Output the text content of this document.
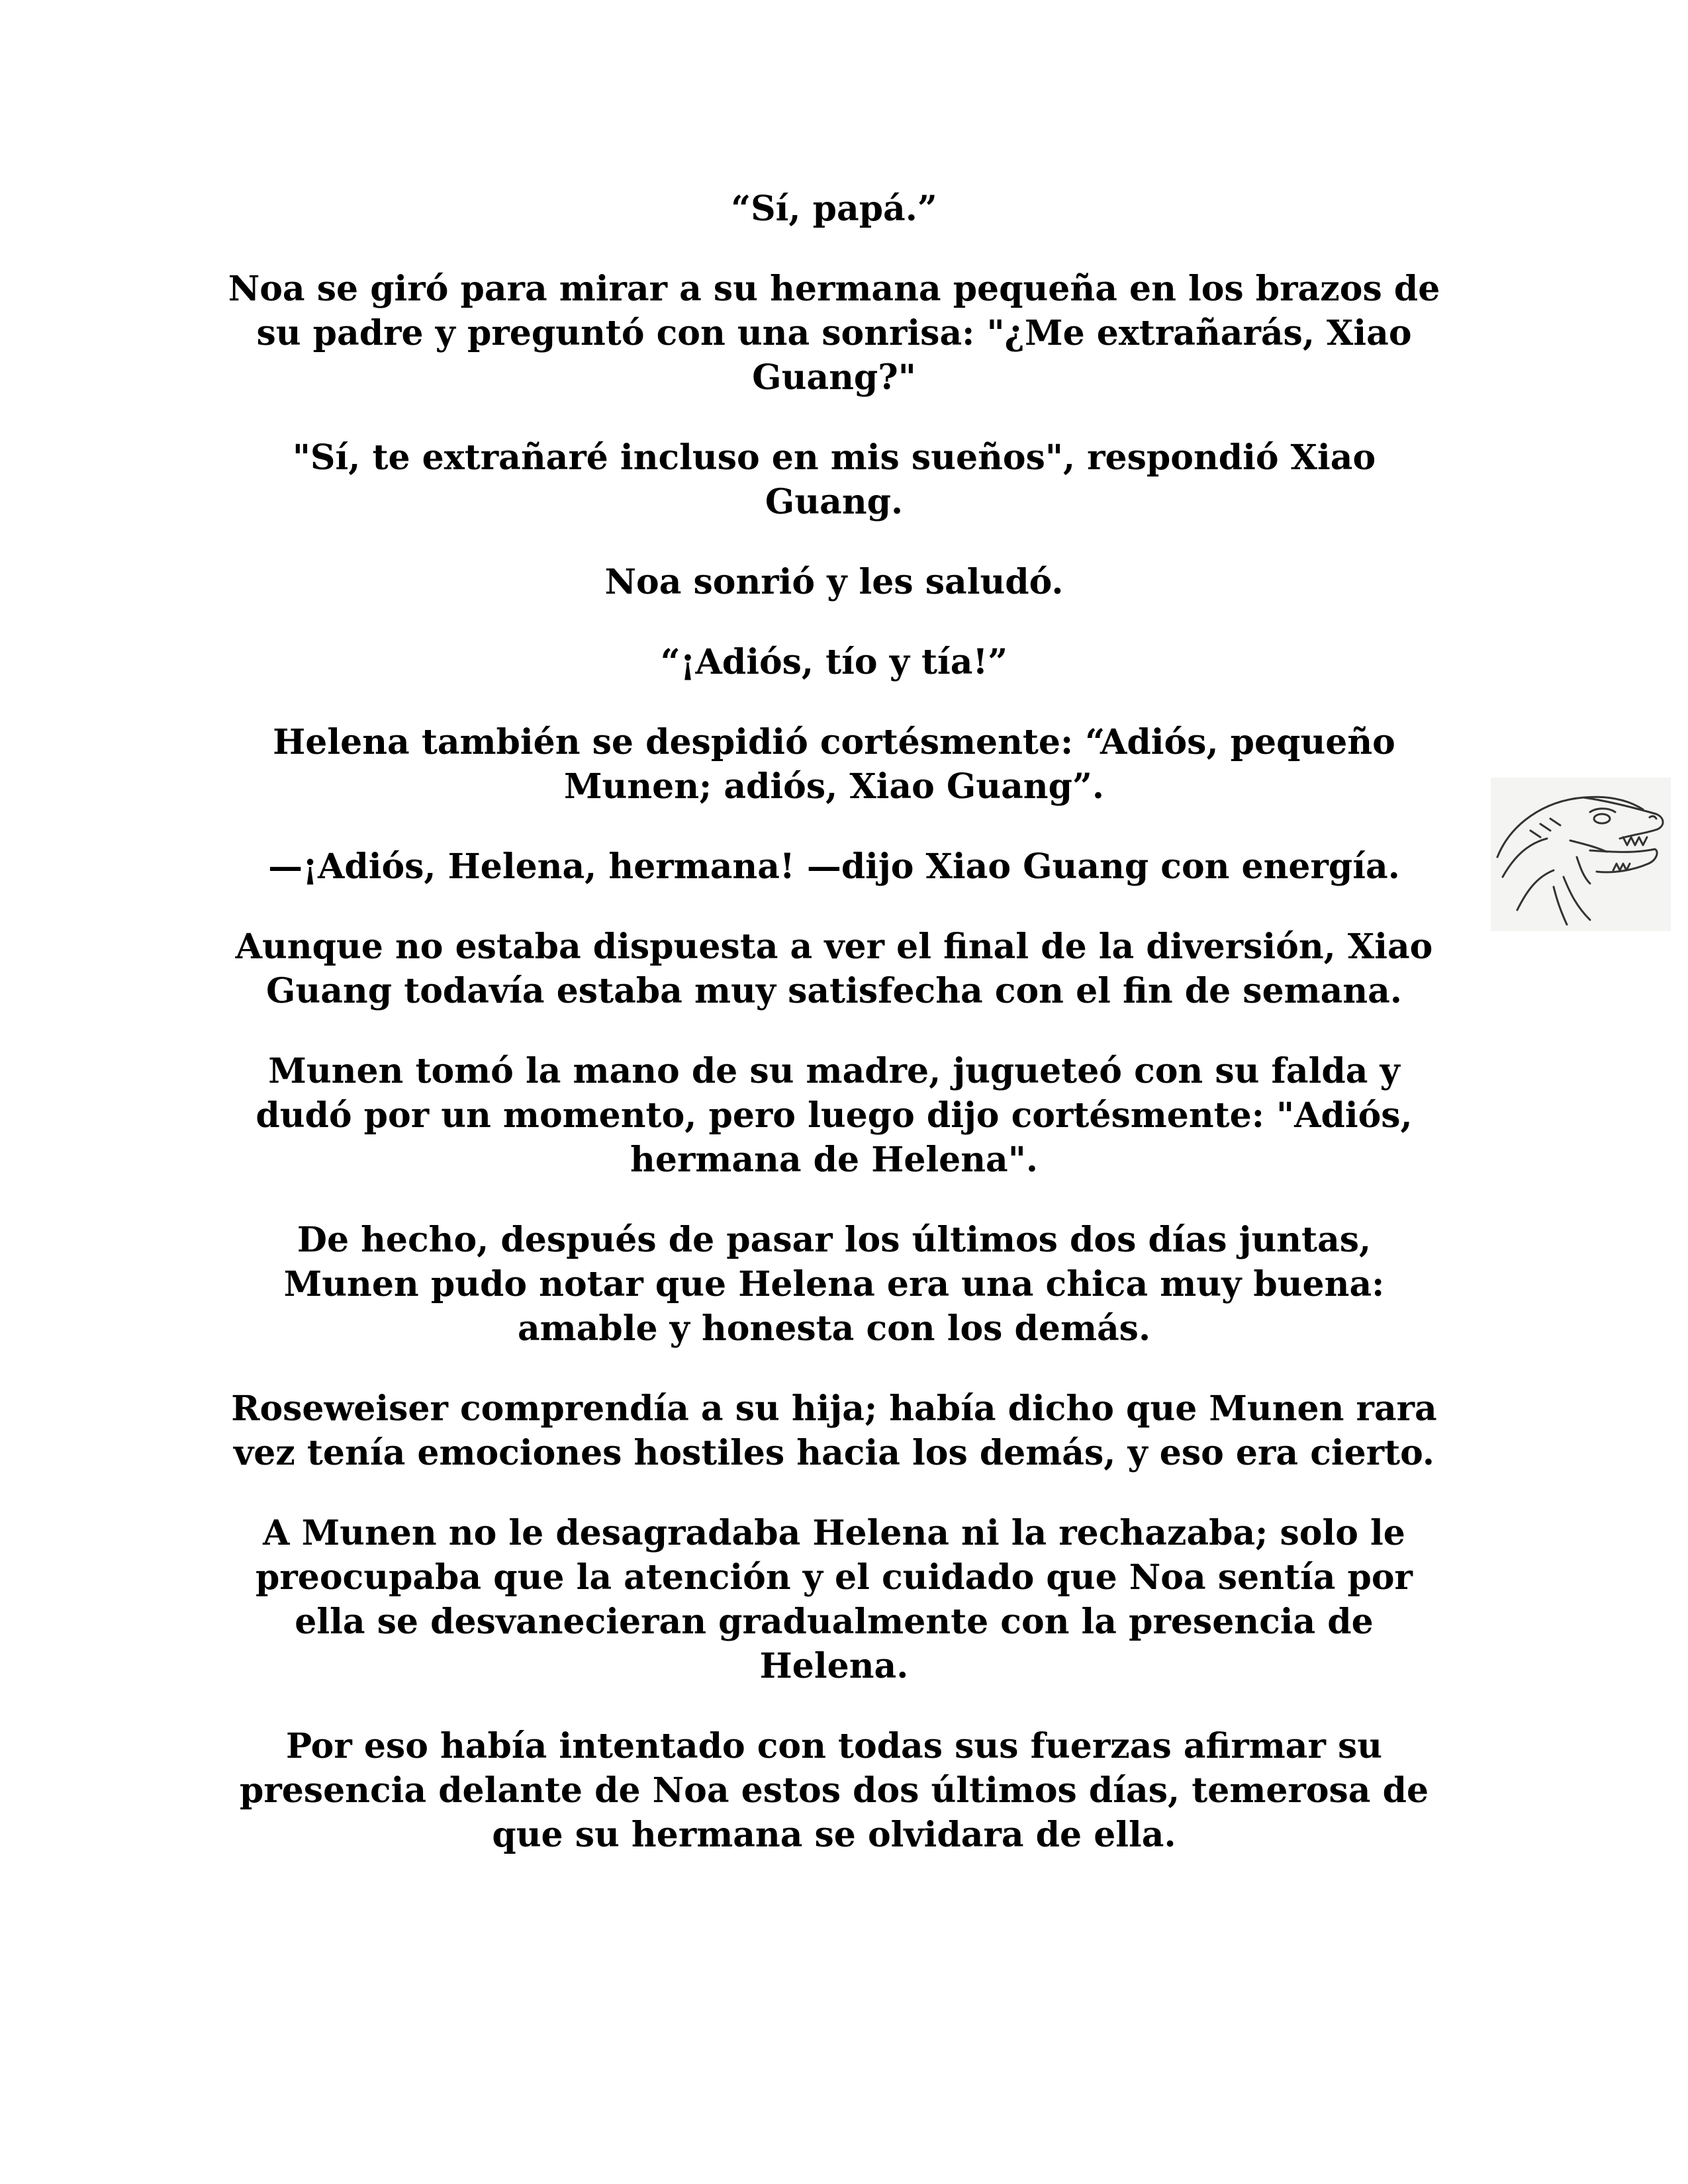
“Sí, papá.”

Noa se giró para mirar a su hermana pequeña en los brazos de su padre y preguntó con una sonrisa: "¿Me extrañarás, Xiao Guang?"

"Sí, te extrañaré incluso en mis sueños", respondió Xiao Guang.

Noa sonrió y les saludó.

“¡Adiós, tío y tía!”

Helena también se despidió cortésmente: “Adiós, pequeño Munen; adiós, Xiao Guang”.

—¡Adiós, Helena, hermana! —dijo Xiao Guang con energía.

Aunque no estaba dispuesta a ver el final de la diversión, Xiao Guang todavía estaba muy satisfecha con el fin de semana.

Munen tomó la mano de su madre, jugueteó con su falda y dudó por un momento, pero luego dijo cortésmente: "Adiós, hermana de Helena".

De hecho, después de pasar los últimos dos días juntas, Munen pudo notar que Helena era una chica muy buena: amable y honesta con los demás.

Roseweiser comprendía a su hija; había dicho que Munen rara vez tenía emociones hostiles hacia los demás, y eso era cierto.

A Munen no le desagradaba Helena ni la rechazaba; solo le preocupaba que la atención y el cuidado que Noa sentía por ella se desvanecieran gradualmente con la presencia de Helena.

Por eso había intentado con todas sus fuerzas afirmar su presencia delante de Noa estos dos últimos días, temerosa de que su hermana se olvidara de ella.
